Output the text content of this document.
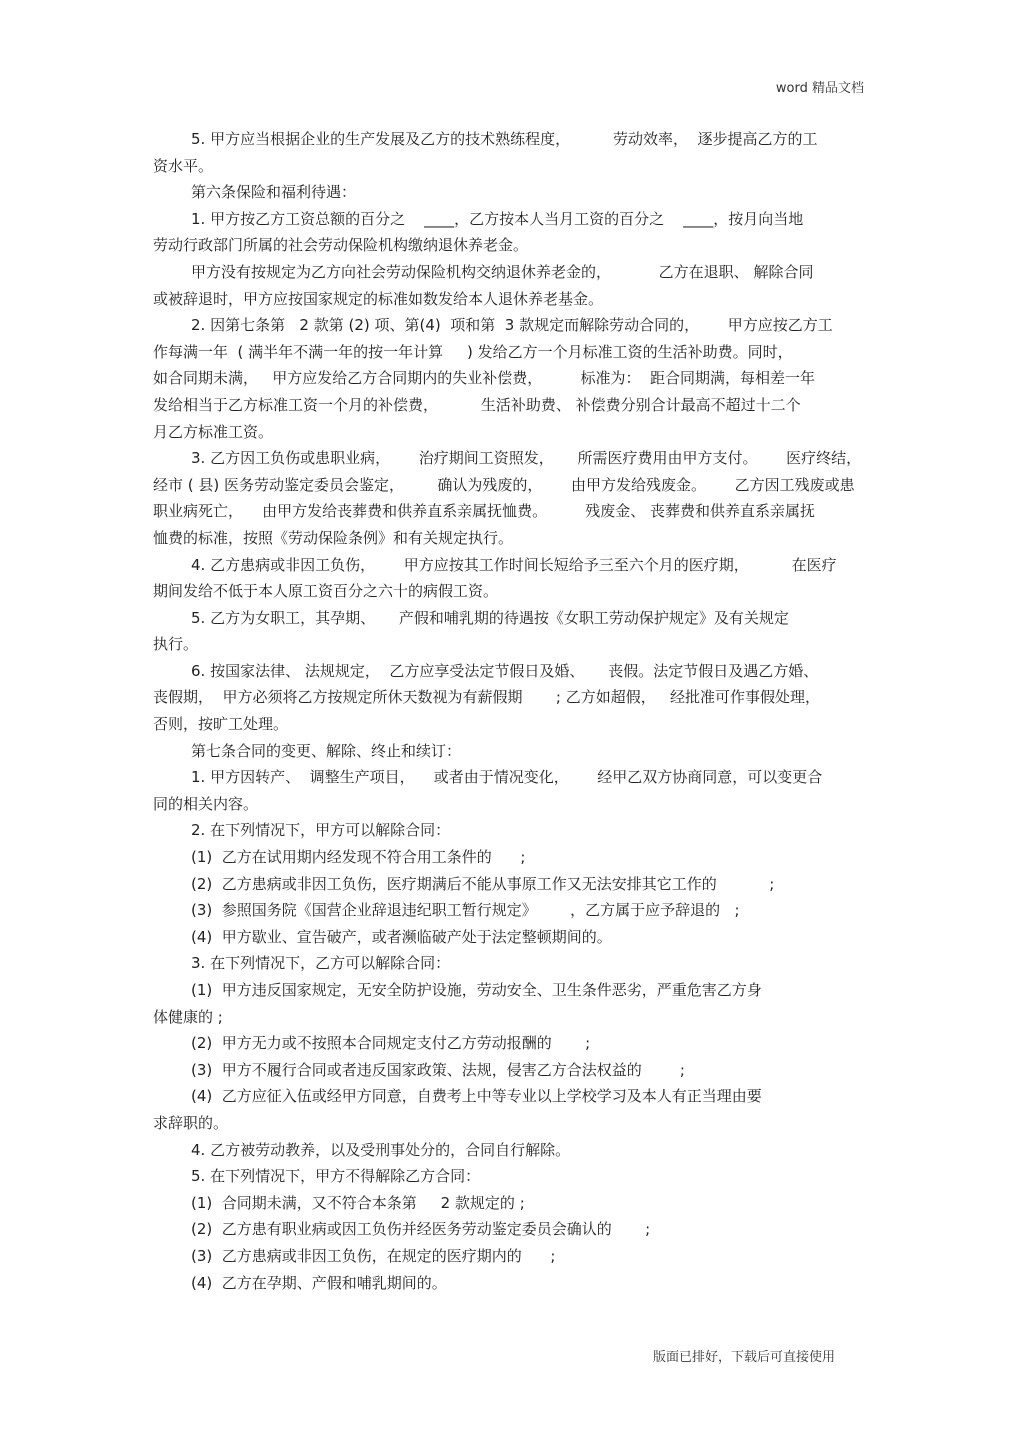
word 精品文档
5. 甲方应当根据企业的生产发展及乙方的技术熟练程度，         劳动效率，  逐步提高乙方的工
资水平。
第六条保险和福利待遇：
1. 甲方按乙方工资总额的百分之    ____，乙方按本人当月工资的百分之    ____，按月向当地
劳动行政部门所属的社会劳动保险机构缴纳退休养老金。
甲方没有按规定为乙方向社会劳动保险机构交纳退休养老金的，          乙方在退职、 解除合同
或被辞退时，甲方应按国家规定的标准如数发给本人退休养老基金。
2. 因第七条第   2 款第 (2) 项、第(4)  项和第  3 款规定而解除劳动合同的，      甲方应按乙方工
作每满一年  ( 满半年不满一年的按一年计算     ) 发给乙方一个月标准工资的生活补助费。同时，
如合同期未满，   甲方应发给乙方合同期内的失业补偿费，        标准为：  距合同期满，每相差一年
发给相当于乙方标准工资一个月的补偿费，         生活补助费、 补偿费分别合计最高不超过十二个
月乙方标准工资。
3. 乙方因工负伤或患职业病，      治疗期间工资照发，     所需医疗费用由甲方支付。      医疗终结，
经市 ( 县) 医务劳动鉴定委员会鉴定，       确认为残废的，      由甲方发给残废金。      乙方因工残废或患
职业病死亡，    由甲方发给丧葬费和供养直系亲属抚恤费。        残废金、 丧葬费和供养直系亲属抚
恤费的标准，按照《劳动保险条例》和有关规定执行。
4. 乙方患病或非因工负伤，      甲方应按其工作时间长短给予三至六个月的医疗期，         在医疗
期间发给不低于本人原工资百分之六十的病假工资。
5. 乙方为女职工，其孕期、     产假和哺乳期的待遇按《女职工劳动保护规定》及有关规定
执行。
6. 按国家法律、 法规规定，  乙方应享受法定节假日及婚、     丧假。法定节假日及遇乙方婚、
丧假期，  甲方必须将乙方按规定所休天数视为有薪假期       ; 乙方如超假，   经批准可作事假处理，
否则，按旷工处理。
第七条合同的变更、解除、终止和续订：
1. 甲方因转产、  调整生产项目，    或者由于情况变化，      经甲乙双方协商同意，可以变更合
同的相关内容。
2. 在下列情况下，甲方可以解除合同：
(1)  乙方在试用期内经发现不符合用工条件的      ;
(2)  乙方患病或非因工负伤，医疗期满后不能从事原工作又无法安排其它工作的           ;
(3)  参照国务院《国营企业辞退违纪职工暂行规定》       ，乙方属于应予辞退的   ;
(4)  甲方歇业、宣告破产，或者濒临破产处于法定整顿期间的。
3. 在下列情况下，乙方可以解除合同：
(1)  甲方违反国家规定，无安全防护设施，劳动安全、卫生条件恶劣，严重危害乙方身
体健康的 ;
(2)  甲方无力或不按照本合同规定支付乙方劳动报酬的       ;
(3)  甲方不履行合同或者违反国家政策、法规，侵害乙方合法权益的        ;
(4)  乙方应征入伍或经甲方同意，自费考上中等专业以上学校学习及本人有正当理由要
求辞职的。
4. 乙方被劳动教养，以及受刑事处分的，合同自行解除。
5. 在下列情况下，甲方不得解除乙方合同：
(1)  合同期未满，又不符合本条第     2 款规定的 ;
(2)  乙方患有职业病或因工负伤并经医务劳动鉴定委员会确认的       ;
(3)  乙方患病或非因工负伤，在规定的医疗期内的      ;
(4)  乙方在孕期、产假和哺乳期间的。
版面已排好，下载后可直接使用
